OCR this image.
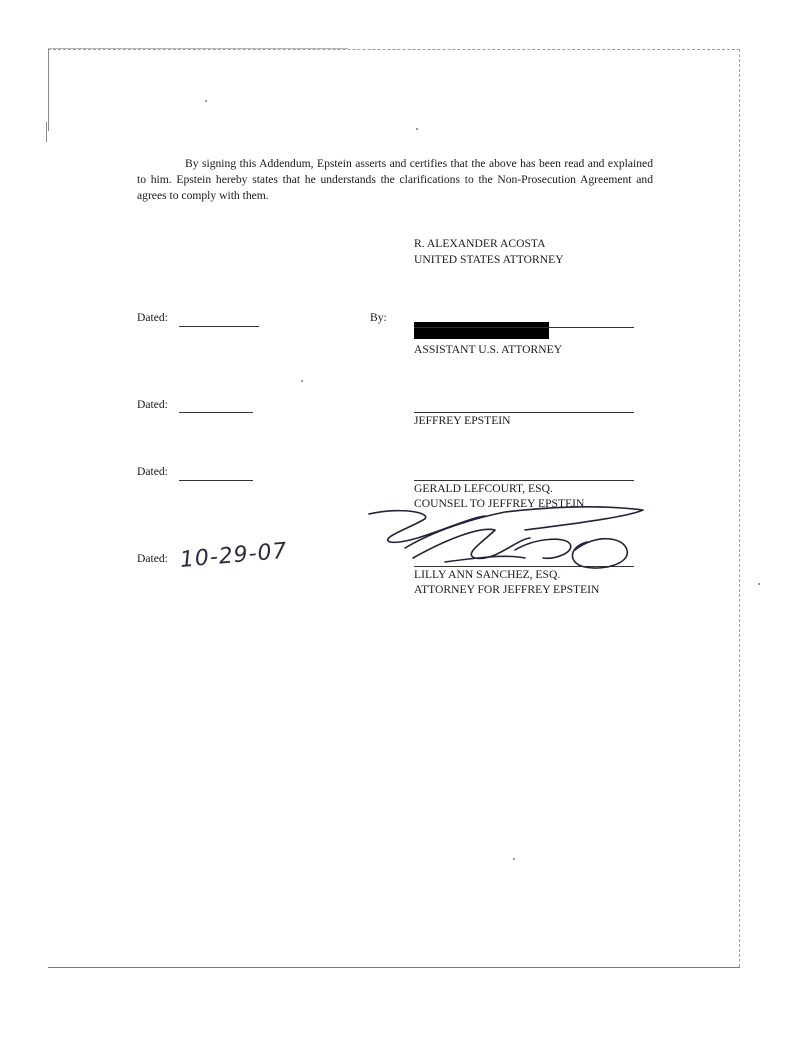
By signing this Addendum, Epstein asserts and certifies that the above has been read and explained to him. Epstein hereby states that he understands the clarifications to the Non-Prosecution Agreement and agrees to comply with them.

R. ALEXANDER ACOSTA
UNITED STATES ATTORNEY
Dated:	By:
ASSISTANT U.S. ATTORNEY
Dated:
JEFFREY EPSTEIN
Dated:
GERALD LEFCOURT, ESQ.
COUNSEL TO JEFFREY EPSTEIN
Dated: 10-29-07
LILLY ANN SANCHEZ, ESQ.
ATTORNEY FOR JEFFREY EPSTEIN
